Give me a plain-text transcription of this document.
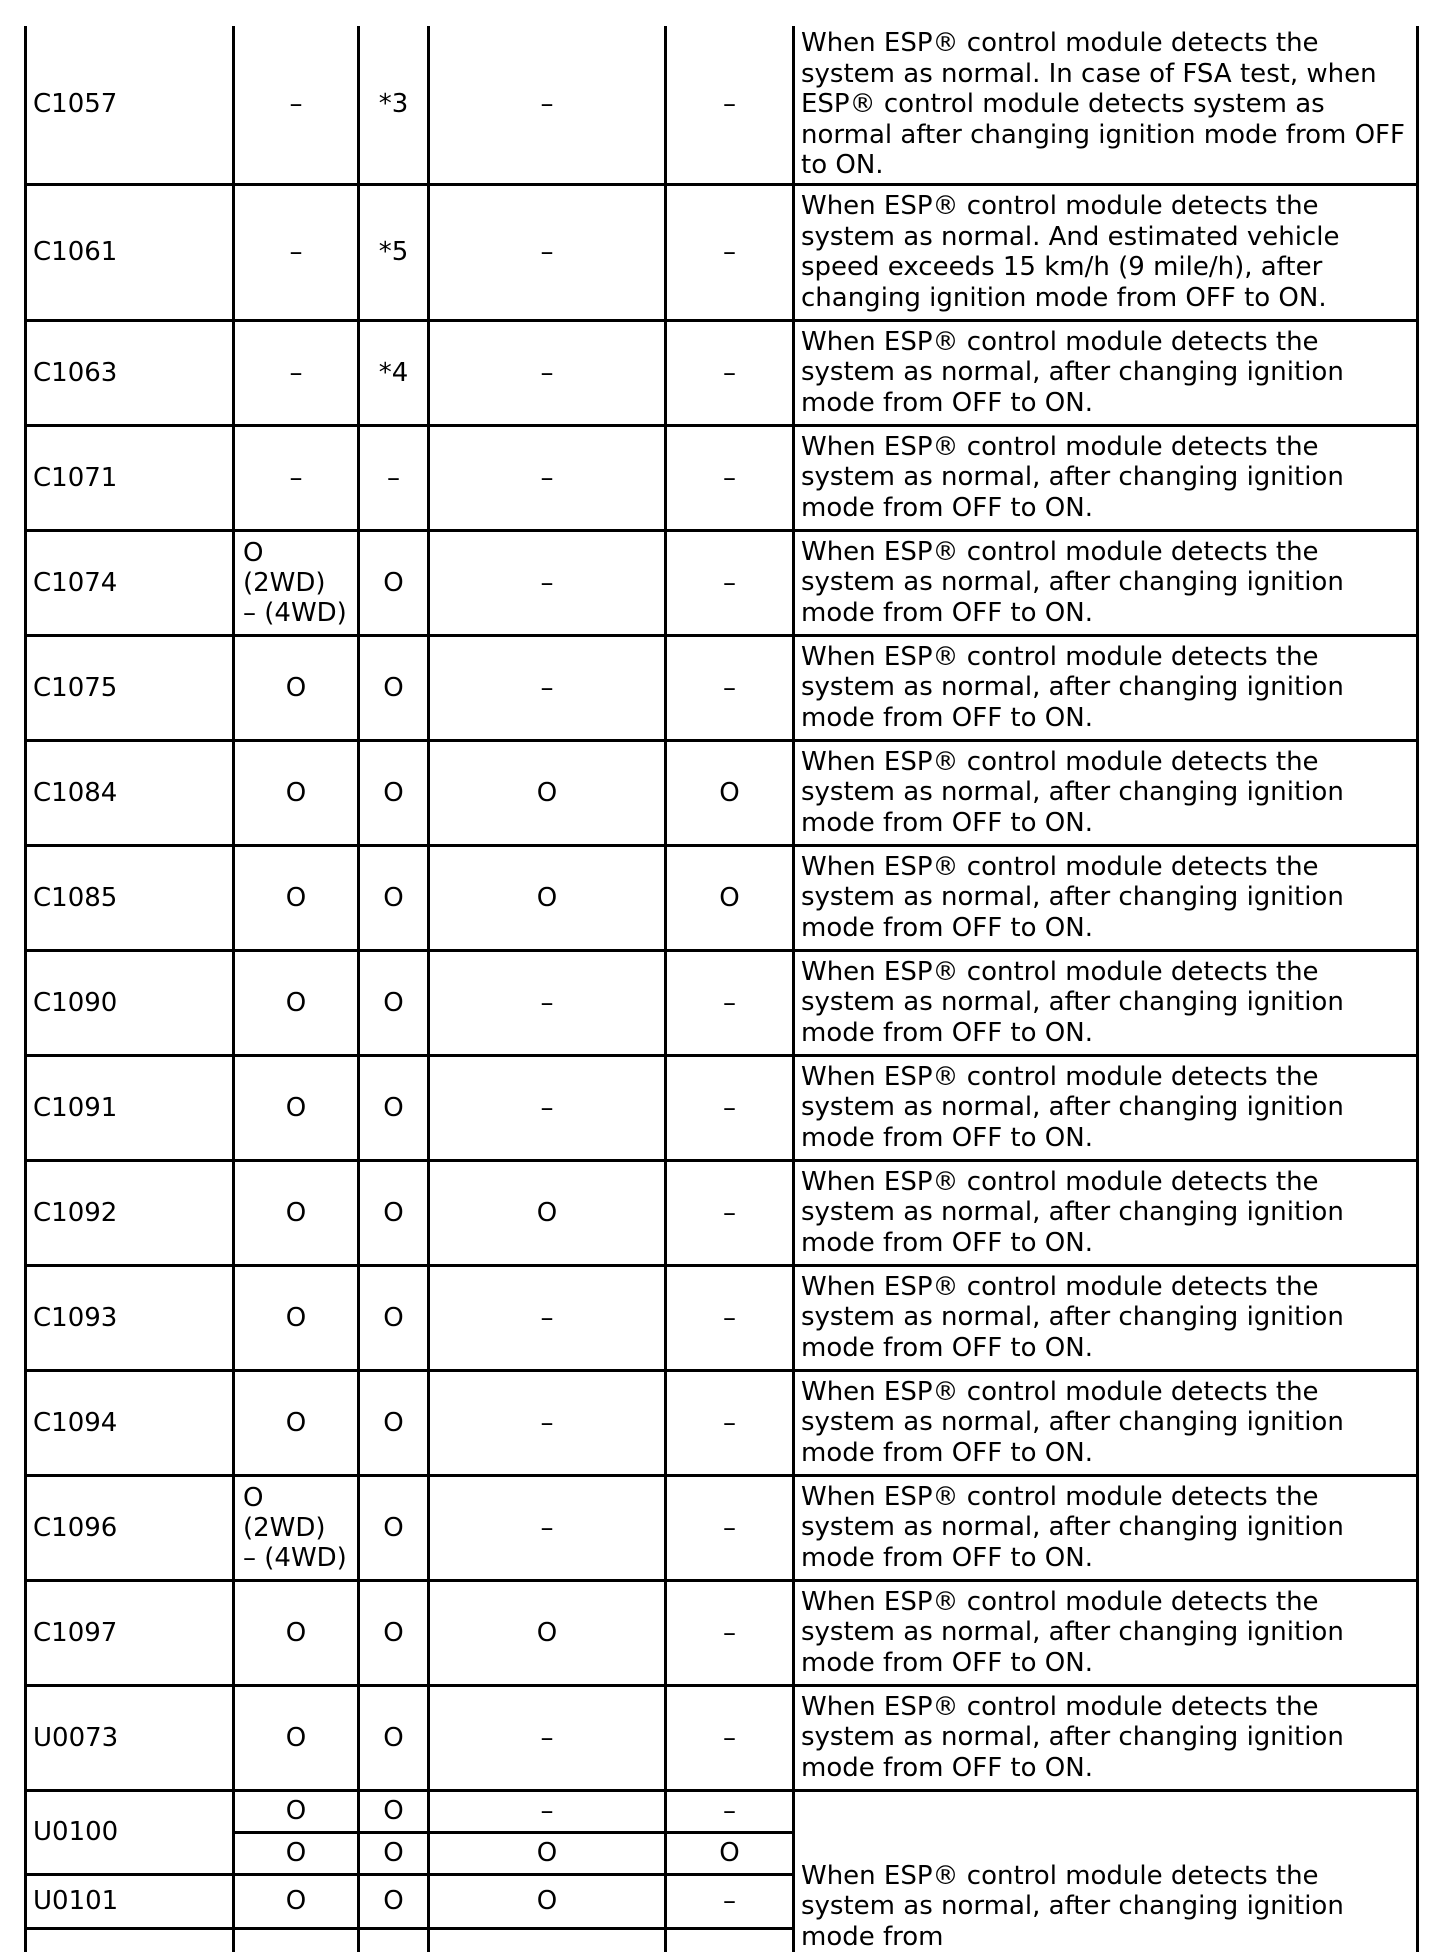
C1057	–	*3	–	–	When ESP® control module detects the system as normal. In case of FSA test, when ESP® control module detects system as normal after changing ignition mode from OFF to ON.
C1061	–	*5	–	–	When ESP® control module detects the system as normal. And estimated vehicle speed exceeds 15 km/h (9 mile/h), after changing ignition mode from OFF to ON.
C1063	–	*4	–	–	When ESP® control module detects the system as normal, after changing ignition mode from OFF to ON.
C1071	–	–	–	–	When ESP® control module detects the system as normal, after changing ignition mode from OFF to ON.
C1074	O
(2WD)
– (4WD)	O	–	–	When ESP® control module detects the system as normal, after changing ignition mode from OFF to ON.
C1075	O	O	–	–	When ESP® control module detects the system as normal, after changing ignition mode from OFF to ON.
C1084	O	O	O	O	When ESP® control module detects the system as normal, after changing ignition mode from OFF to ON.
C1085	O	O	O	O	When ESP® control module detects the system as normal, after changing ignition mode from OFF to ON.
C1090	O	O	–	–	When ESP® control module detects the system as normal, after changing ignition mode from OFF to ON.
C1091	O	O	–	–	When ESP® control module detects the system as normal, after changing ignition mode from OFF to ON.
C1092	O	O	O	–	When ESP® control module detects the system as normal, after changing ignition mode from OFF to ON.
C1093	O	O	–	–	When ESP® control module detects the system as normal, after changing ignition mode from OFF to ON.
C1094	O	O	–	–	When ESP® control module detects the system as normal, after changing ignition mode from OFF to ON.
C1096	O
(2WD)
– (4WD)	O	–	–	When ESP® control module detects the system as normal, after changing ignition mode from OFF to ON.
C1097	O	O	O	–	When ESP® control module detects the system as normal, after changing ignition mode from OFF to ON.
U0073	O	O	–	–	When ESP® control module detects the system as normal, after changing ignition mode from OFF to ON.
U0100	O	O	–	–	When ESP® control module detects the system as normal, after changing ignition mode from
	O	O	O	O	
U0101	O	O	O	–	
